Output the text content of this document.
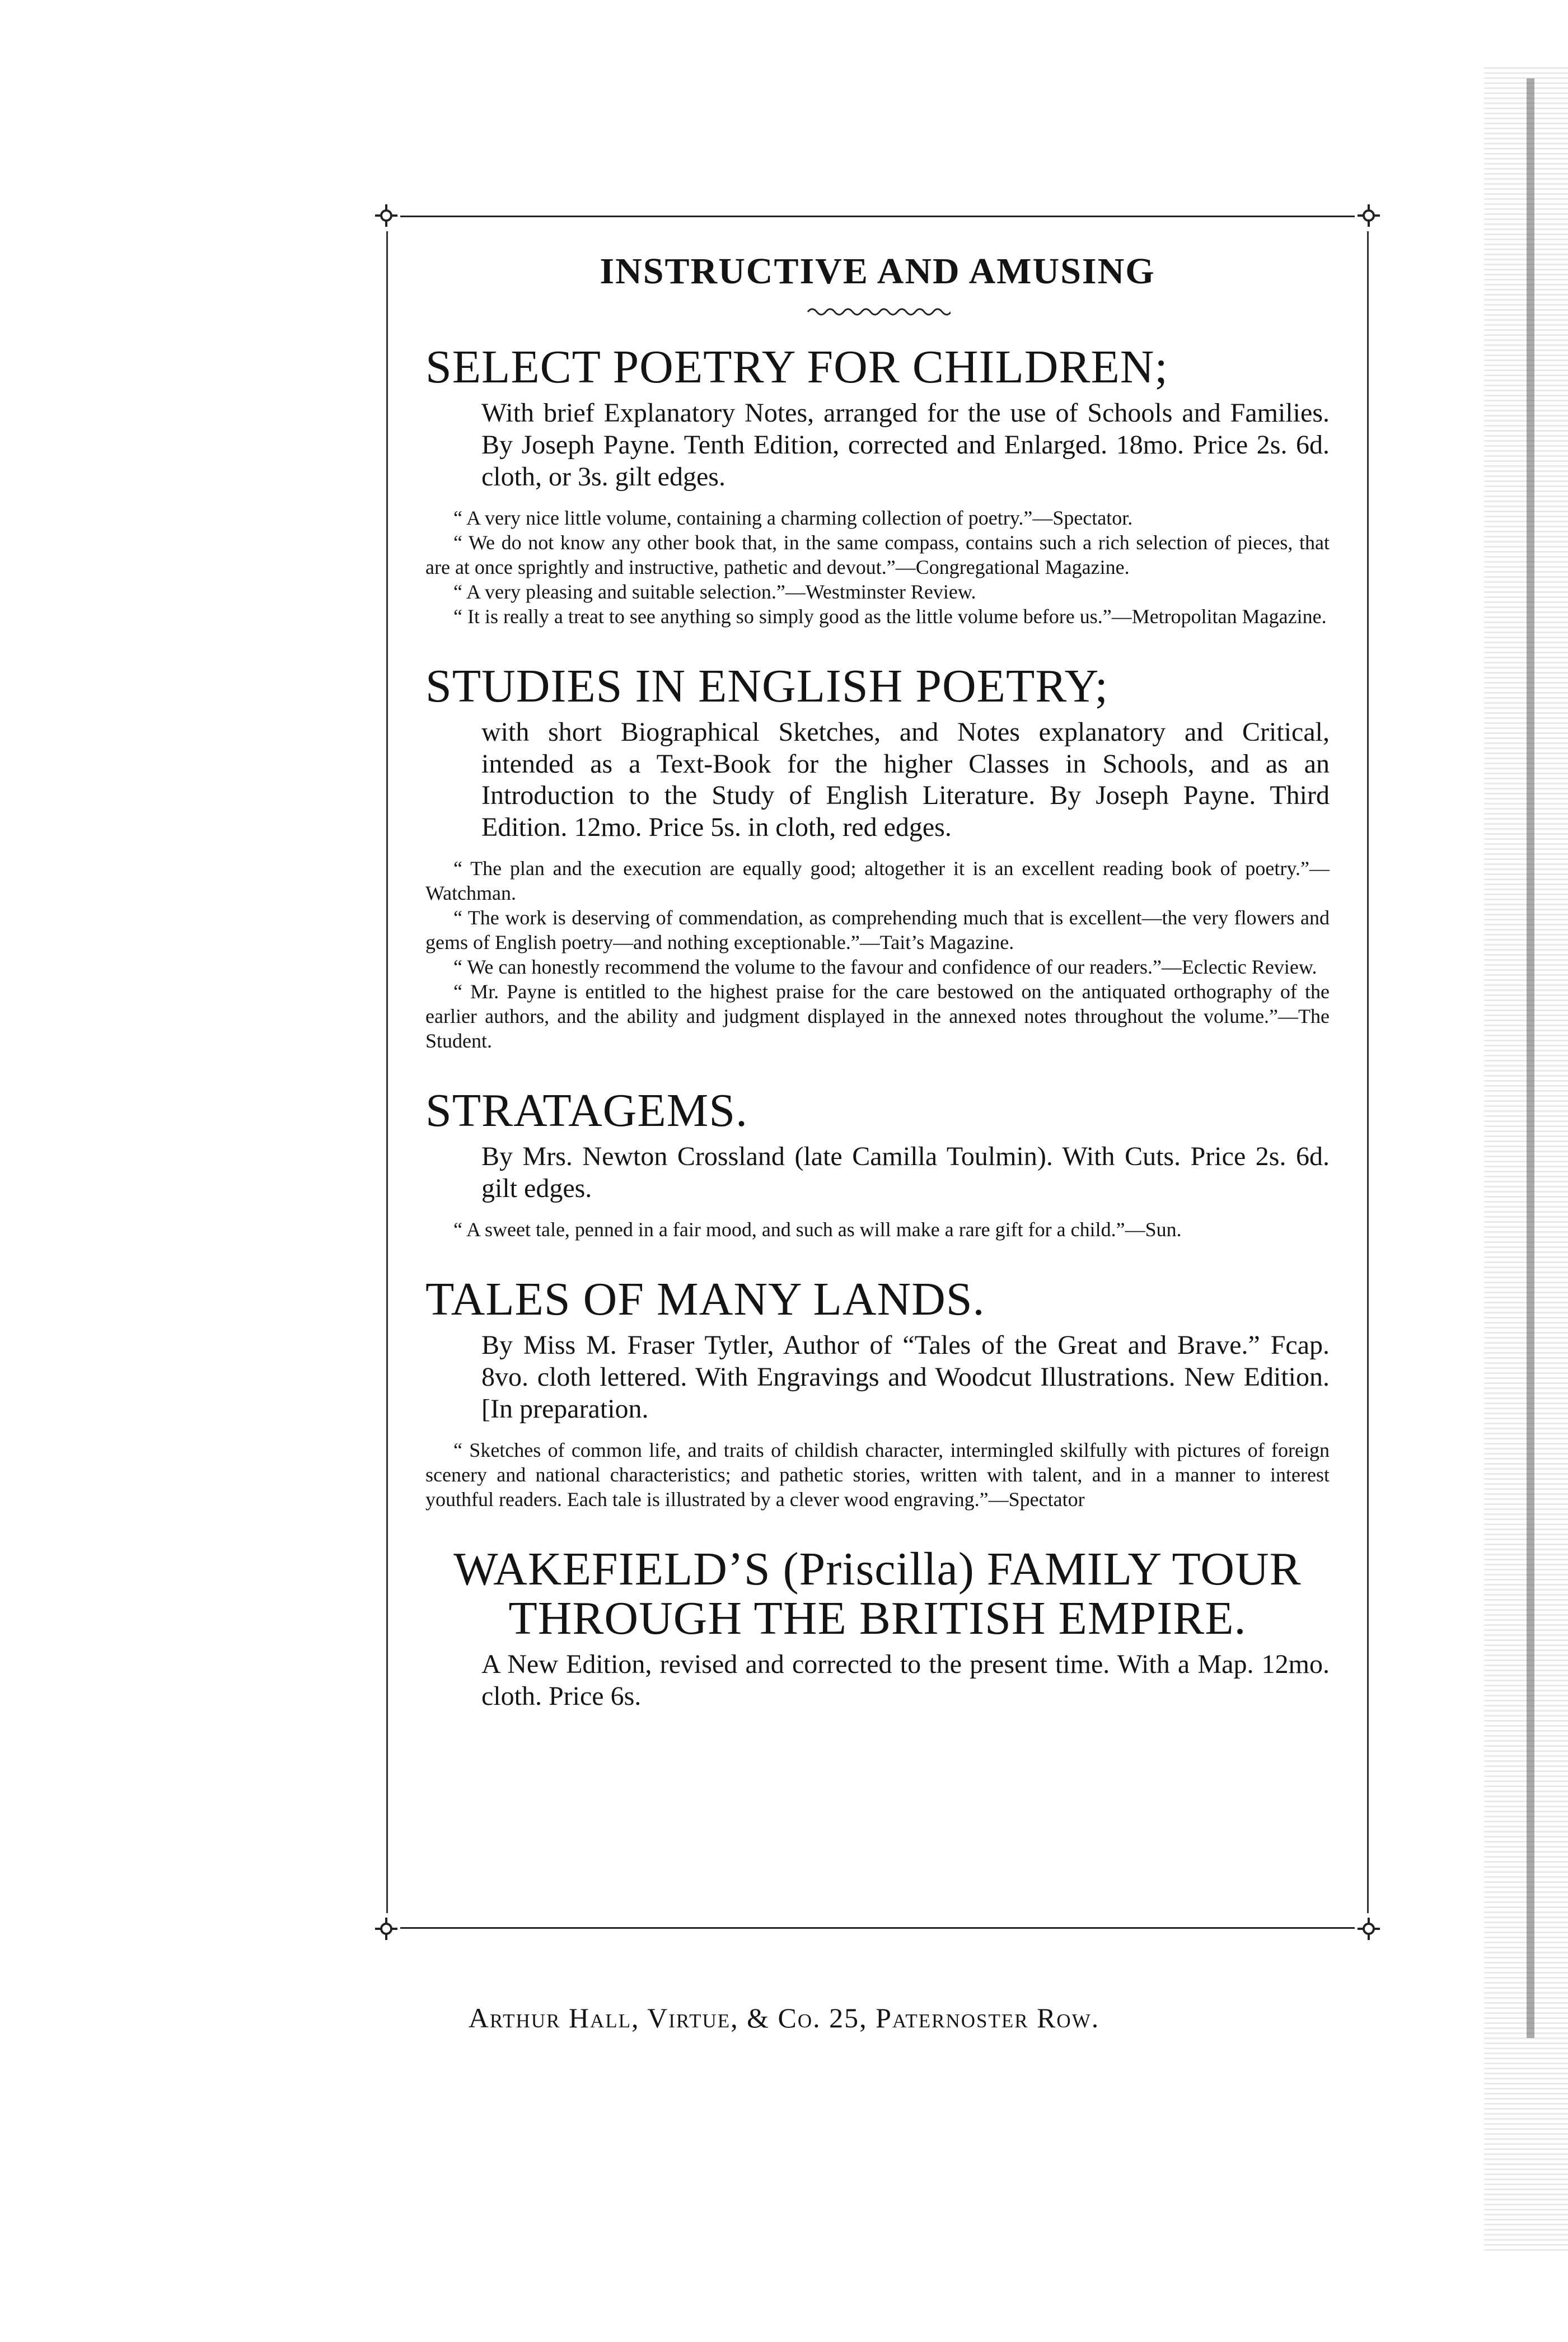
INSTRUCTIVE AND AMUSING
SELECT POETRY FOR CHILDREN;

With brief Explanatory Notes, arranged for the use of Schools and Families. By Joseph Payne. Tenth Edition, corrected and Enlarged. 18mo. Price 2s. 6d. cloth, or 3s. gilt edges.

“ A very nice little volume, containing a charming collection of poetry.”—Spectator.

“ We do not know any other book that, in the same compass, contains such a rich selection of pieces, that are at once sprightly and instructive, pathetic and devout.”—Congregational Magazine.

“ A very pleasing and suitable selection.”—Westminster Review.

“ It is really a treat to see anything so simply good as the little volume before us.”—Metropolitan Magazine.

STUDIES IN ENGLISH POETRY;

with short Biographical Sketches, and Notes explanatory and Critical, intended as a Text-Book for the higher Classes in Schools, and as an Introduction to the Study of English Literature. By Joseph Payne. Third Edition. 12mo. Price 5s. in cloth, red edges.

“ The plan and the execution are equally good; altogether it is an excellent reading book of poetry.”—Watchman.

“ The work is deserving of commendation, as comprehending much that is excellent—the very flowers and gems of English poetry—and nothing exceptionable.”—Tait’s Magazine.

“ We can honestly recommend the volume to the favour and confidence of our readers.”—Eclectic Review.

“ Mr. Payne is entitled to the highest praise for the care bestowed on the antiquated orthography of the earlier authors, and the ability and judgment displayed in the annexed notes throughout the volume.”—The Student.

STRATAGEMS.

By Mrs. Newton Crossland (late Camilla Toulmin). With Cuts. Price 2s. 6d. gilt edges.

“ A sweet tale, penned in a fair mood, and such as will make a rare gift for a child.”—Sun.

TALES OF MANY LANDS.

By Miss M. Fraser Tytler, Author of “Tales of the Great and Brave.” Fcap. 8vo. cloth lettered. With Engravings and Woodcut Illustrations. New Edition. [In preparation.

“ Sketches of common life, and traits of childish character, intermingled skilfully with pictures of foreign scenery and national characteristics; and pathetic stories, written with talent, and in a manner to interest youthful readers. Each tale is illustrated by a clever wood engraving.”—Spectator

WAKEFIELD’S (Priscilla) FAMILY TOUR THROUGH THE BRITISH EMPIRE.

A New Edition, revised and corrected to the present time. With a Map. 12mo. cloth. Price 6s.

Arthur Hall, Virtue, & Co. 25, Paternoster Row.
